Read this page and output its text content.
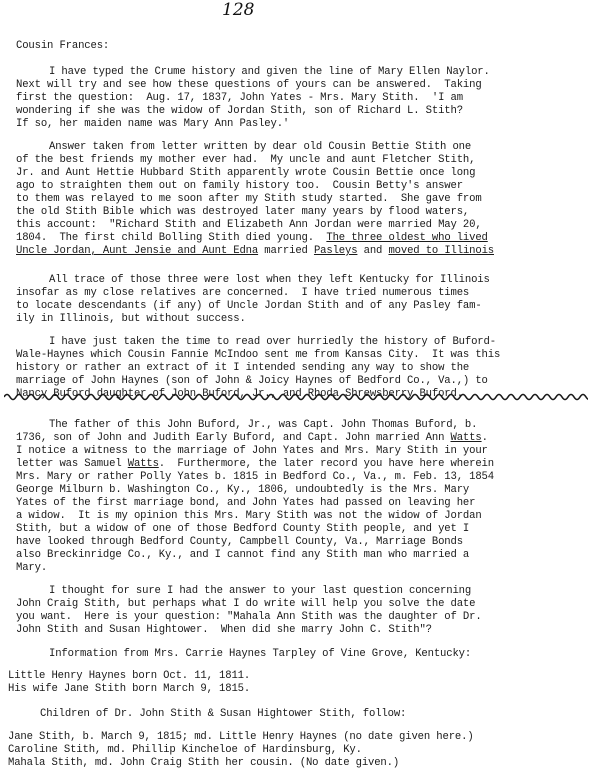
128
Cousin Frances:
I have typed the Crume history and given the line of Mary Ellen Naylor.
Next will try and see how these questions of yours can be answered.  Taking
first the question:  Aug. 17, 1837, John Yates - Mrs. Mary Stith.  'I am
wondering if she was the widow of Jordan Stith, son of Richard L. Stith?
If so, her maiden name was Mary Ann Pasley.'
Answer taken from letter written by dear old Cousin Bettie Stith one
of the best friends my mother ever had.  My uncle and aunt Fletcher Stith,
Jr. and Aunt Hettie Hubbard Stith apparently wrote Cousin Bettie once long
ago to straighten them out on family history too.  Cousin Betty's answer
to them was relayed to me soon after my Stith study started.  She gave from
the old Stith Bible which was destroyed later many years by flood waters,
this account:  "Richard Stith and Elizabeth Ann Jordan were married May 20,
1804.  The first child Bolling Stith died young. The three oldest who lived
Uncle Jordan, Aunt Jensie and Aunt Edna married Pasleys and moved to Illinois
All trace of those three were lost when they left Kentucky for Illinois
insofar as my close relatives are concerned.  I have tried numerous times
to locate descendants (if any) of Uncle Jordan Stith and of any Pasley fam-
ily in Illinois, but without success.
I have just taken the time to read over hurriedly the history of Buford-
Wale-Haynes which Cousin Fannie McIndoo sent me from Kansas City.  It was this
history or rather an extract of it I intended sending any way to show the
marriage of John Haynes (son of John & Joicy Haynes of Bedford Co., Va.,) to
Nancy Buford daughter of John Buford, Jr., and Rhoda Shrewsberry Buford.
The father of this John Buford, Jr., was Capt. John Thomas Buford, b.
1736, son of John and Judith Early Buford, and Capt. John married Ann Watts.
I notice a witness to the marriage of John Yates and Mrs. Mary Stith in your
letter was Samuel Watts.  Furthermore, the later record you have here wherein
Mrs. Mary or rather Polly Yates b. 1815 in Bedford Co., Va., m. Feb. 13, 1854
George Milburn b. Washington Co., Ky., 1806, undoubtedly is the Mrs. Mary
Yates of the first marriage bond, and John Yates had passed on leaving her
a widow.  It is my opinion this Mrs. Mary Stith was not the widow of Jordan
Stith, but a widow of one of those Bedford County Stith people, and yet I
have looked through Bedford County, Campbell County, Va., Marriage Bonds
also Breckinridge Co., Ky., and I cannot find any Stith man who married a
Mary.
I thought for sure I had the answer to your last question concerning
John Craig Stith, but perhaps what I do write will help you solve the date
you want.  Here is your question: "Mahala Ann Stith was the daughter of Dr.
John Stith and Susan Hightower.  When did she marry John C. Stith"?
Information from Mrs. Carrie Haynes Tarpley of Vine Grove, Kentucky:
Little Henry Haynes born Oct. 11, 1811.
His wife Jane Stith born March 9, 1815.
Children of Dr. John Stith & Susan Hightower Stith, follow:
Jane Stith, b. March 9, 1815; md. Little Henry Haynes (no date given here.)
Caroline Stith, md. Phillip Kincheloe of Hardinsburg, Ky.
Mahala Stith, md. John Craig Stith her cousin. (No date given.)
